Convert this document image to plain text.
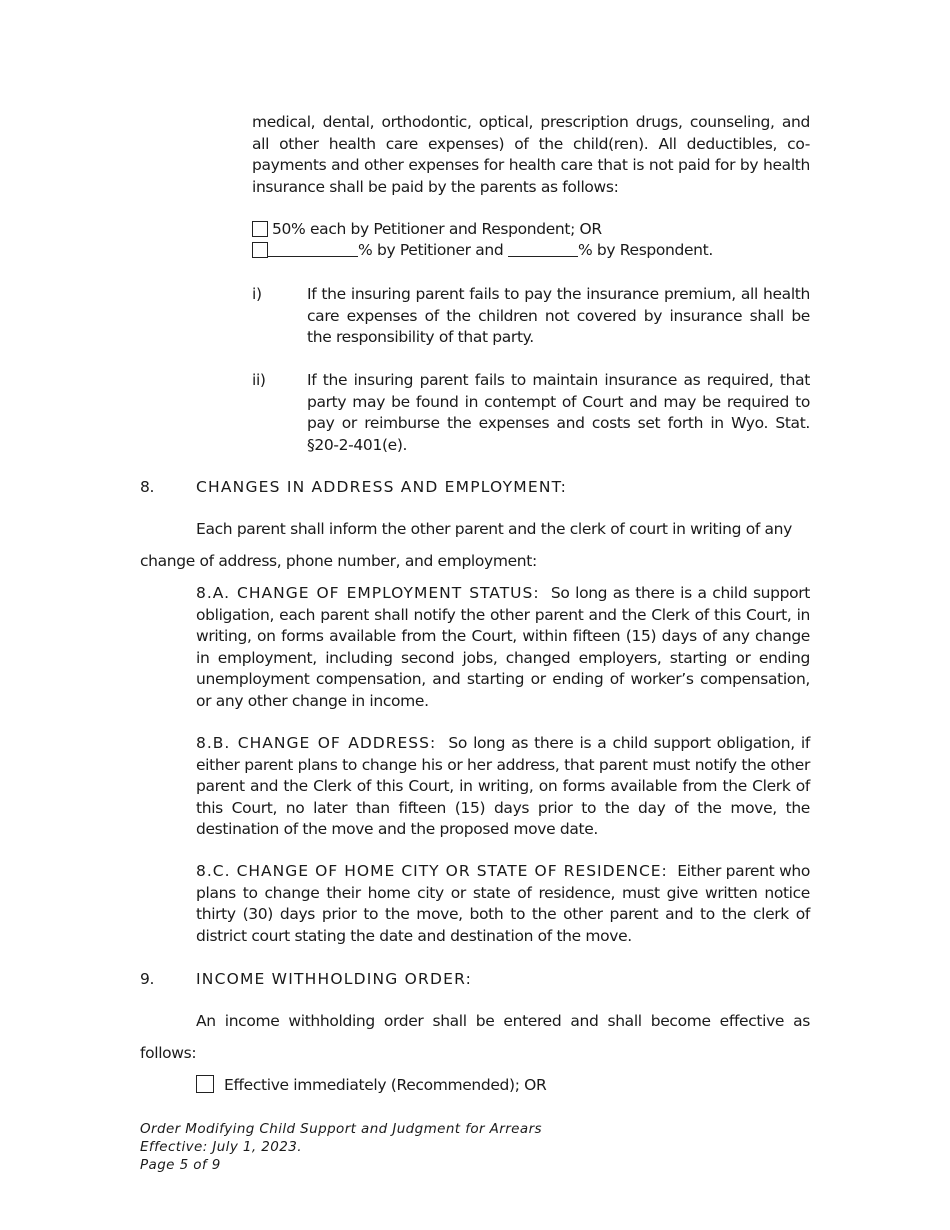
medical, dental, orthodontic, optical, prescription drugs, counseling, and all other health care expenses) of the child(ren). All deductibles, co-payments and other expenses for health care that is not paid for by health insurance shall be paid by the parents as follows:
50% each by Petitioner and Respondent; OR
% by Petitioner and	% by Respondent.
i)	If the insuring parent fails to pay the insurance premium, all health care expenses of the children not covered by insurance shall be the responsibility of that party.
ii)	If the insuring parent fails to maintain insurance as required, that party may be found in contempt of Court and may be required to pay or reimburse the expenses and costs set forth in Wyo. Stat. §20-2-401(e).
8.	CHANGES IN ADDRESS AND EMPLOYMENT:
Each parent shall inform the other parent and the clerk of court in writing of any
change of address, phone number, and employment:
8.A. CHANGE OF EMPLOYMENT STATUS: So long as there is a child support obligation, each parent shall notify the other parent and the Clerk of this Court, in writing, on forms available from the Court, within fifteen (15) days of any change in employment, including second jobs, changed employers, starting or ending unemployment compensation, and starting or ending of worker’s compensation, or any other change in income.
8.B. CHANGE OF ADDRESS: So long as there is a child support obligation, if either parent plans to change his or her address, that parent must notify the other parent and the Clerk of this Court, in writing, on forms available from the Clerk of this Court, no later than fifteen (15) days prior to the day of the move, the destination of the move and the proposed move date.
8.C. CHANGE OF HOME CITY OR STATE OF RESIDENCE: Either parent who plans to change their home city or state of residence, must give written notice thirty (30) days prior to the move, both to the other parent and to the clerk of district court stating the date and destination of the move.
9.	INCOME WITHHOLDING ORDER:
An income withholding order shall be entered and shall become effective as
follows:
Effective immediately (Recommended); OR
Order Modifying Child Support and Judgment for Arrears
Effective: July 1, 2023.
Page 5 of 9
